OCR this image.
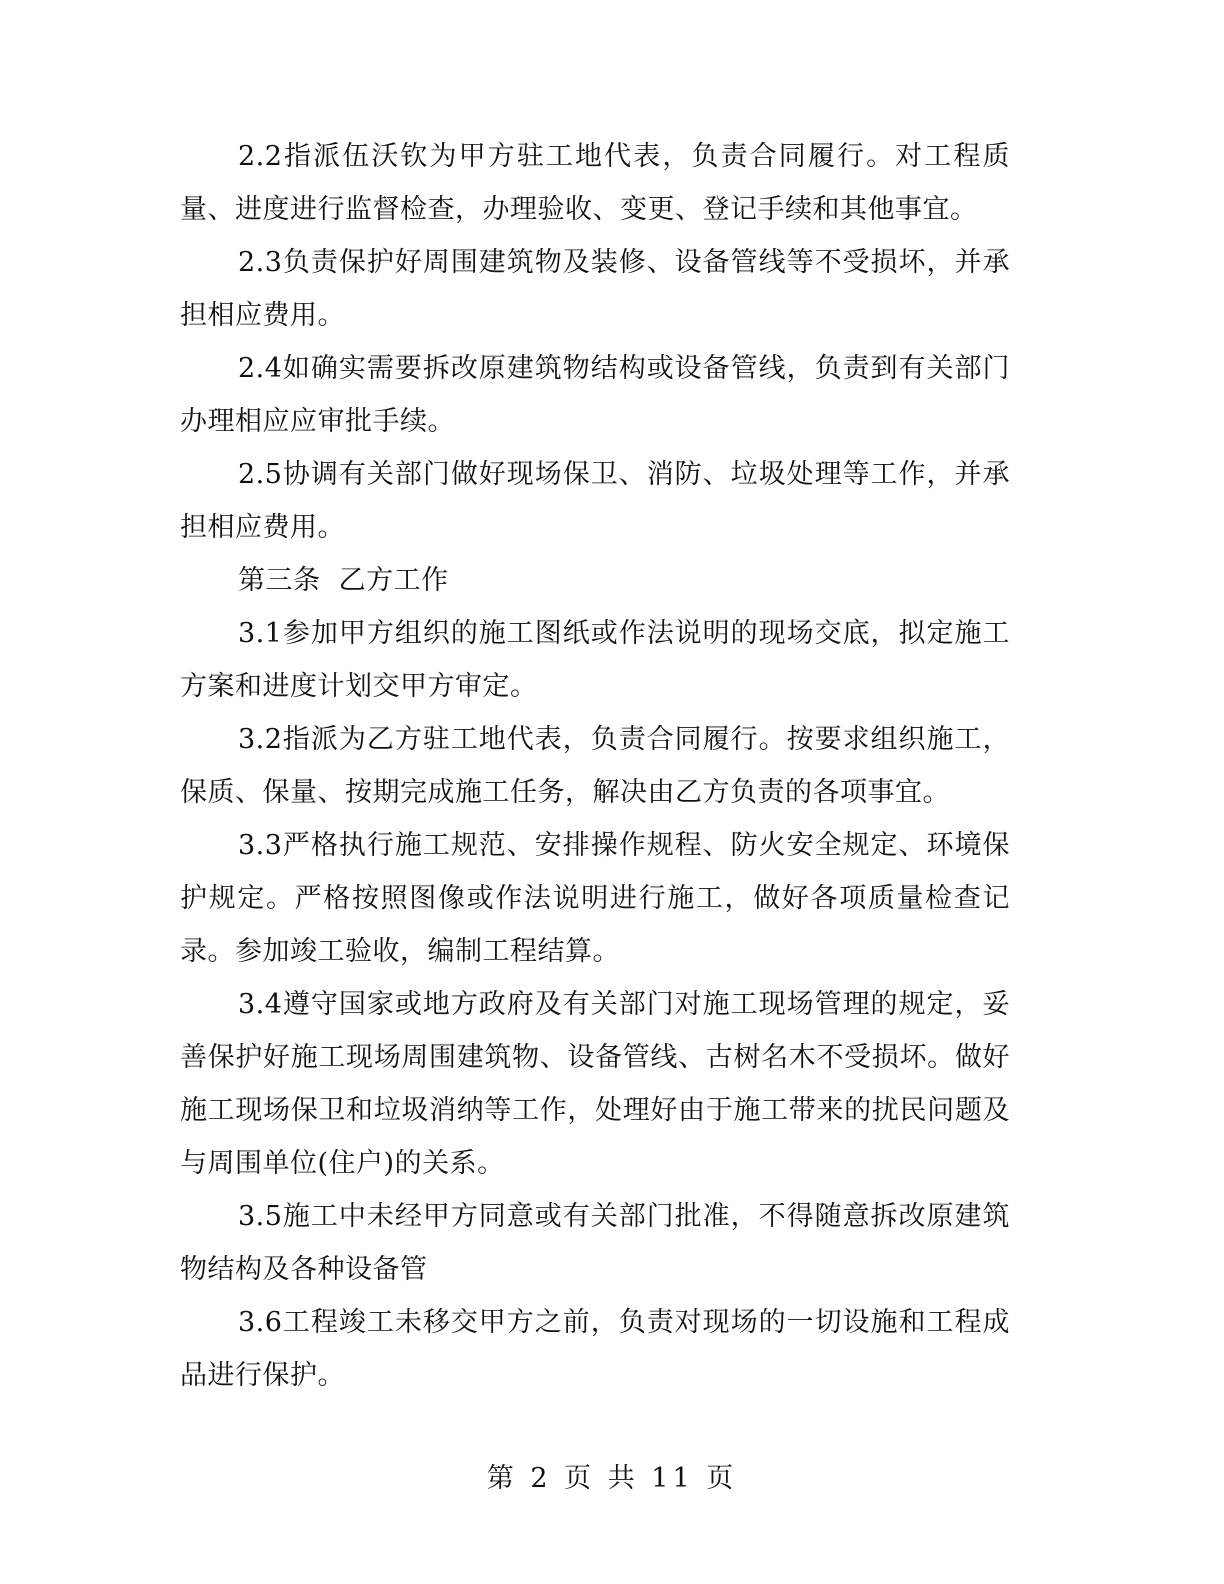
2.2指派伍沃钦为甲方驻工地代表，负责合同履行。对工程质量、进度进行监督检查，办理验收、变更、登记手续和其他事宜。

2.3负责保护好周围建筑物及装修、设备管线等不受损坏，并承担相应费用。

2.4如确实需要拆改原建筑物结构或设备管线，负责到有关部门办理相应应审批手续。

2.5协调有关部门做好现场保卫、消防、垃圾处理等工作，并承担相应费用。

第三条  乙方工作

3.1参加甲方组织的施工图纸或作法说明的现场交底，拟定施工方案和进度计划交甲方审定。

3.2指派为乙方驻工地代表，负责合同履行。按要求组织施工，保质、保量、按期完成施工任务，解决由乙方负责的各项事宜。

3.3严格执行施工规范、安排操作规程、防火安全规定、环境保护规定。严格按照图像或作法说明进行施工，做好各项质量检查记录。参加竣工验收，编制工程结算。

3.4遵守国家或地方政府及有关部门对施工现场管理的规定，妥善保护好施工现场周围建筑物、设备管线、古树名木不受损坏。做好施工现场保卫和垃圾消纳等工作，处理好由于施工带来的扰民问题及与周围单位(住户)的关系。

3.5施工中未经甲方同意或有关部门批准，不得随意拆改原建筑物结构及各种设备管

3.6工程竣工未移交甲方之前，负责对现场的一切设施和工程成品进行保护。

第 2 页 共 11 页
